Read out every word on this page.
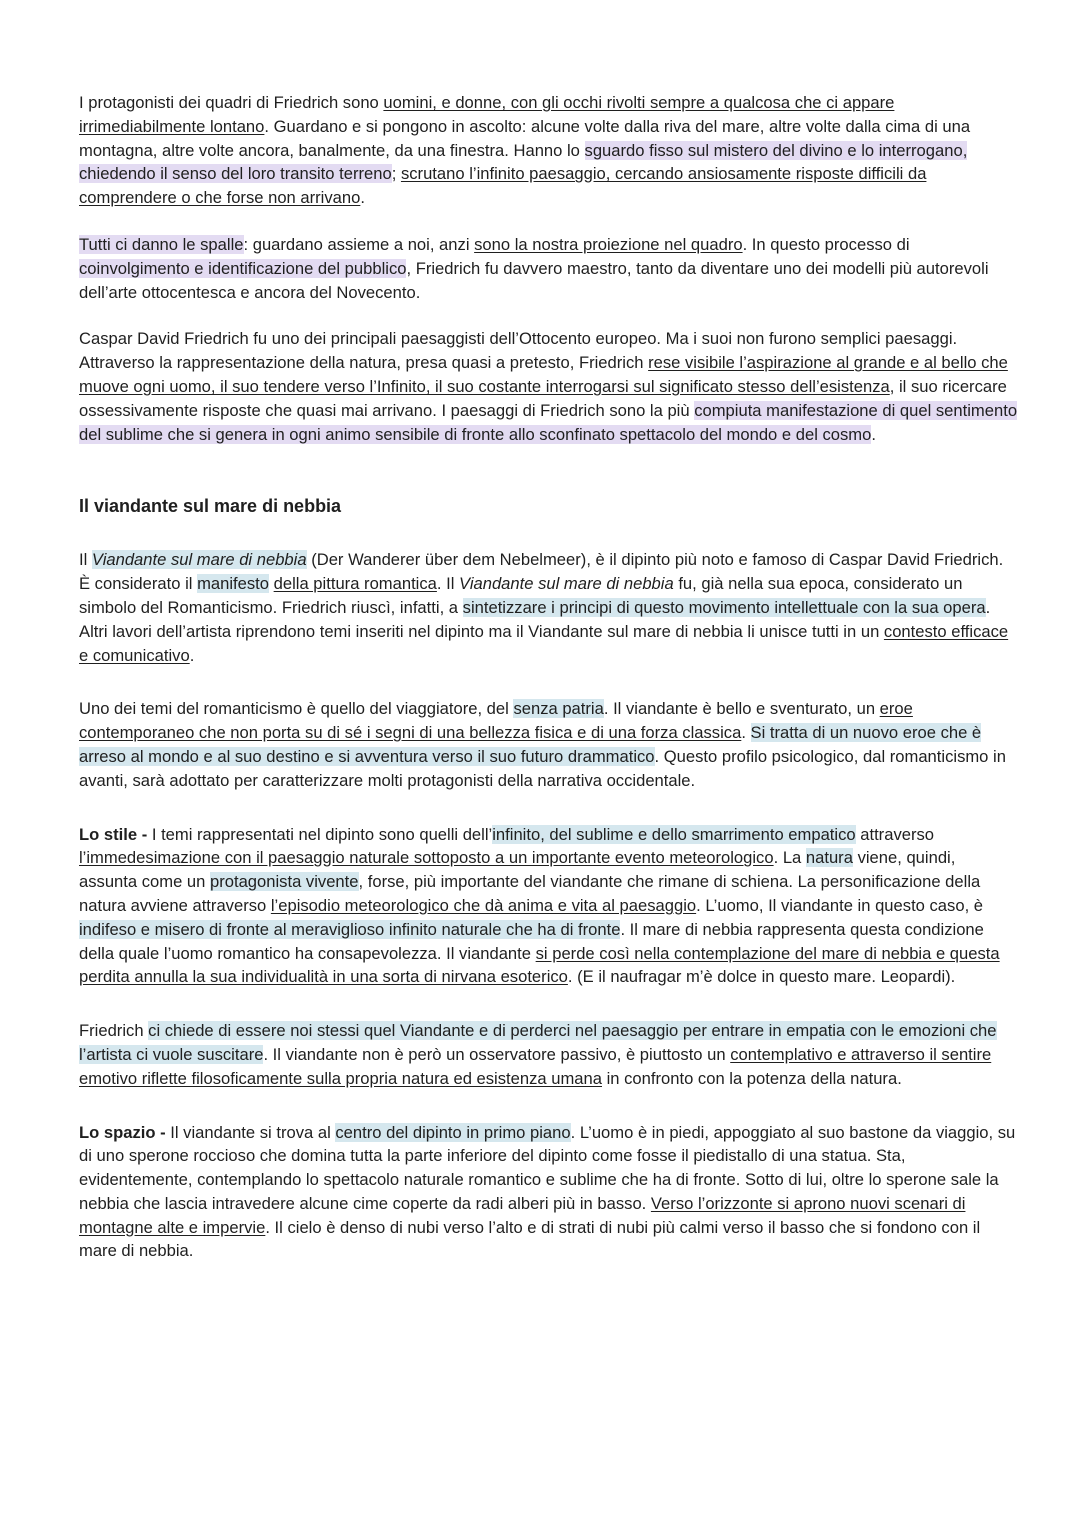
I protagonisti dei quadri di Friedrich sono uomini, e donne, con gli occhi rivolti sempre a qualcosa che ci appare irrimediabilmente lontano. Guardano e si pongono in ascolto: alcune volte dalla riva del mare, altre volte dalla cima di una montagna, altre volte ancora, banalmente, da una finestra. Hanno lo sguardo fisso sul mistero del divino e lo interrogano, chiedendo il senso del loro transito terreno; scrutano l’infinito paesaggio, cercando ansiosamente risposte difficili da comprendere o che forse non arrivano.

Tutti ci danno le spalle: guardano assieme a noi, anzi sono la nostra proiezione nel quadro. In questo processo di coinvolgimento e identificazione del pubblico, Friedrich fu davvero maestro, tanto da diventare uno dei modelli più autorevoli dell’arte ottocentesca e ancora del Novecento.

Caspar David Friedrich fu uno dei principali paesaggisti dell’Ottocento europeo. Ma i suoi non furono semplici paesaggi. Attraverso la rappresentazione della natura, presa quasi a pretesto, Friedrich rese visibile l’aspirazione al grande e al bello che muove ogni uomo, il suo tendere verso l’Infinito, il suo costante interrogarsi sul significato stesso dell’esistenza, il suo ricercare ossessivamente risposte che quasi mai arrivano. I paesaggi di Friedrich sono la più compiuta manifestazione di quel sentimento del sublime che si genera in ogni animo sensibile di fronte allo sconfinato spettacolo del mondo e del cosmo.

Il viandante sul mare di nebbia

Il Viandante sul mare di nebbia (Der Wanderer über dem Nebelmeer), è il dipinto più noto e famoso di Caspar David Friedrich. È considerato il manifesto della pittura romantica. Il Viandante sul mare di nebbia fu, già nella sua epoca, considerato un simbolo del Romanticismo. Friedrich riuscì, infatti, a sintetizzare i principi di questo movimento intellettuale con la sua opera. Altri lavori dell’artista riprendono temi inseriti nel dipinto ma il Viandante sul mare di nebbia li unisce tutti in un contesto efficace e comunicativo.

Uno dei temi del romanticismo è quello del viaggiatore, del senza patria. Il viandante è bello e sventurato, un eroe contemporaneo che non porta su di sé i segni di una bellezza fisica e di una forza classica. Si tratta di un nuovo eroe che è arreso al mondo e al suo destino e si avventura verso il suo futuro drammatico. Questo profilo psicologico, dal romanticismo in avanti, sarà adottato per caratterizzare molti protagonisti della narrativa occidentale.

Lo stile - I temi rappresentati nel dipinto sono quelli dell’infinito, del sublime e dello smarrimento empatico attraverso l’immedesimazione con il paesaggio naturale sottoposto a un importante evento meteorologico. La natura viene, quindi, assunta come un protagonista vivente, forse, più importante del viandante che rimane di schiena. La personificazione della natura avviene attraverso l’episodio meteorologico che dà anima e vita al paesaggio. L’uomo, Il viandante in questo caso, è indifeso e misero di fronte al meraviglioso infinito naturale che ha di fronte. Il mare di nebbia rappresenta questa condizione della quale l’uomo romantico ha consapevolezza. Il viandante si perde così nella contemplazione del mare di nebbia e questa perdita annulla la sua individualità in una sorta di nirvana esoterico. (E il naufragar m’è dolce in questo mare. Leopardi).

Friedrich ci chiede di essere noi stessi quel Viandante e di perderci nel paesaggio per entrare in empatia con le emozioni che l’artista ci vuole suscitare. Il viandante non è però un osservatore passivo, è piuttosto un contemplativo e attraverso il sentire emotivo riflette filosoficamente sulla propria natura ed esistenza umana in confronto con la potenza della natura.

Lo spazio - Il viandante si trova al centro del dipinto in primo piano. L’uomo è in piedi, appoggiato al suo bastone da viaggio, su di uno sperone roccioso che domina tutta la parte inferiore del dipinto come fosse il piedistallo di una statua. Sta, evidentemente, contemplando lo spettacolo naturale romantico e sublime che ha di fronte. Sotto di lui, oltre lo sperone sale la nebbia che lascia intravedere alcune cime coperte da radi alberi più in basso. Verso l’orizzonte si aprono nuovi scenari di montagne alte e impervie. Il cielo è denso di nubi verso l’alto e di strati di nubi più calmi verso il basso che si fondono con il mare di nebbia.
